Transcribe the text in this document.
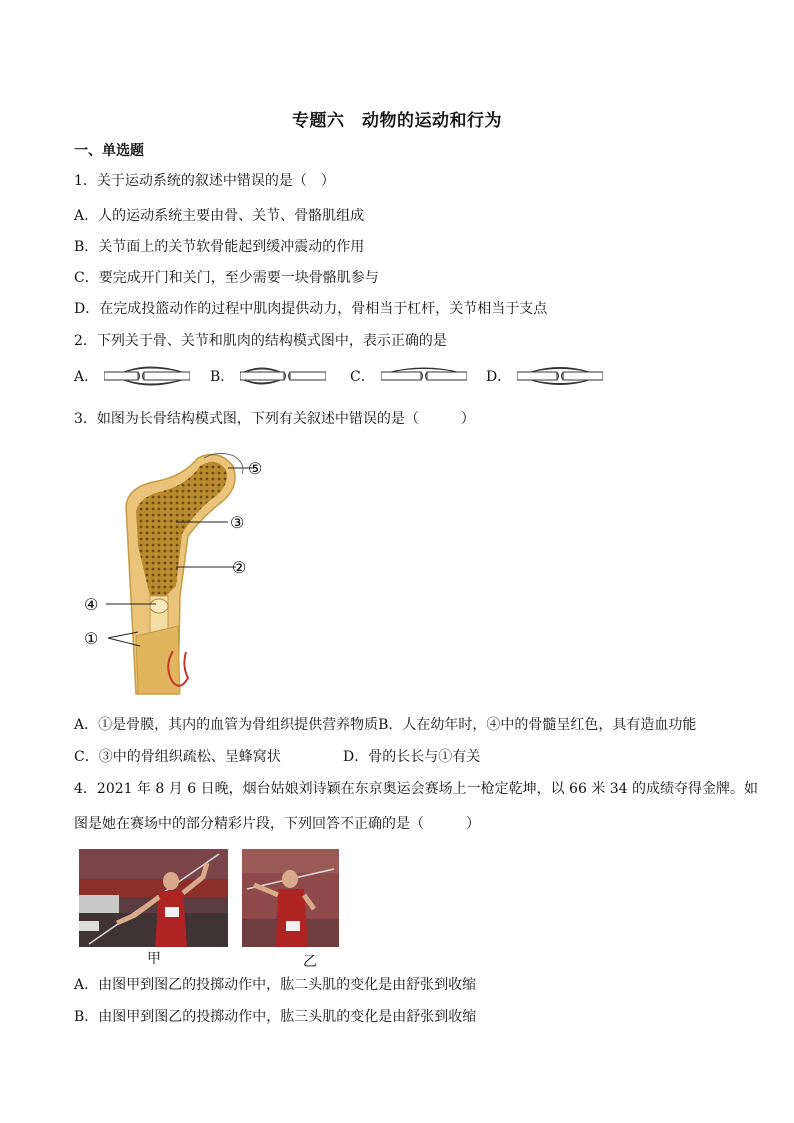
专题六　动物的运动和行为
一、单选题
1．关于运动系统的叙述中错误的是（　）
A．人的运动系统主要由骨、关节、骨骼肌组成
B．关节面上的关节软骨能起到缓冲震动的作用
C．要完成开门和关门，至少需要一块骨骼肌参与
D．在完成投篮动作的过程中肌肉提供动力，骨相当于杠杆，关节相当于支点
2．下列关于骨、关节和肌肉的结构模式图中，表示正确的是
A．	B．	C．	D．
3．如图为长骨结构模式图，下列有关叙述中错误的是（　　　）
⑤
③
②
④
①
A．①是骨膜，其内的血管为骨组织提供营养物质B．人在幼年时，④中的骨髓呈红色，具有造血功能
C．③中的骨组织疏松、呈蜂窝状	D．骨的长长与①有关
4．2021 年 8 月 6 日晚，烟台姑娘刘诗颖在东京奥运会赛场上一枪定乾坤，以 66 米 34 的成绩夺得金牌。如
图是她在赛场中的部分精彩片段，下列回答不正确的是（　　　）
甲	乙
A．由图甲到图乙的投掷动作中，肱二头肌的变化是由舒张到收缩
B．由图甲到图乙的投掷动作中，肱三头肌的变化是由舒张到收缩
